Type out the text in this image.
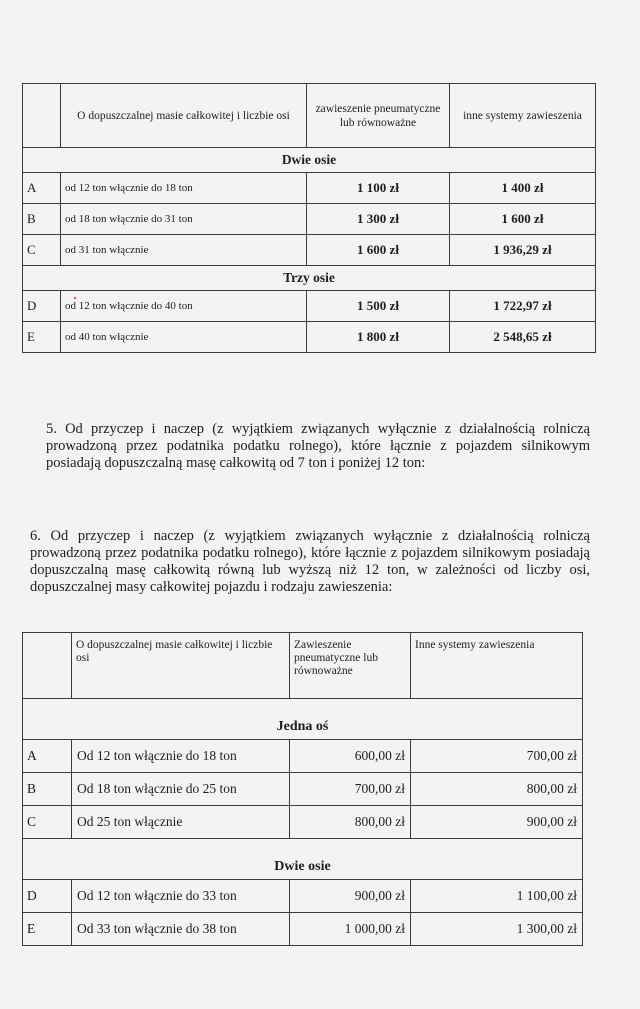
	O dopuszczalnej masie całkowitej i liczbie osi	zawieszenie pneumatyczne lub równoważne	inne systemy zawieszenia
Dwie osie			
A	od 12 ton włącznie do 18 ton	1 100 zł	1 400 zł
B	od 18 ton włącznie do 31 ton	1 300 zł	1 600 zł
C	od 31 ton włącznie	1 600 zł	1 936,29 zł
Trzy osie			
D	od 12 ton włącznie do 40 ton	1 500 zł	1 722,97 zł
E	od 40 ton włącznie	1 800 zł	2 548,65 zł

5. Od przyczep i naczep (z wyjątkiem związanych wyłącznie z działalnością rolniczą prowadzoną przez podatnika podatku rolnego), które łącznie z pojazdem silnikowym posiadają dopuszczalną masę całkowitą od 7 ton i poniżej 12 ton:

6. Od przyczep i naczep (z wyjątkiem związanych wyłącznie z działalnością rolniczą prowadzoną przez podatnika podatku rolnego), które łącznie z pojazdem silnikowym posiadają dopuszczalną masę całkowitą równą lub wyższą niż 12 ton, w zależności od liczby osi, dopuszczalnej masy całkowitej pojazdu i rodzaju zawieszenia:

	O dopuszczalnej masie całkowitej i liczbie osi	Zawieszenie pneumatyczne lub równoważne	Inne systemy zawieszenia
Jedna oś			
A	Od 12 ton włącznie do 18 ton	600,00 zł	700,00 zł
B	Od 18 ton włącznie do 25 ton	700,00 zł	800,00 zł
C	Od 25 ton włącznie	800,00 zł	900,00 zł
Dwie osie			
D	Od 12 ton włącznie do 33 ton	900,00 zł	1 100,00 zł
E	Od 33 ton włącznie do 38 ton	1 000,00 zł	1 300,00 zł
